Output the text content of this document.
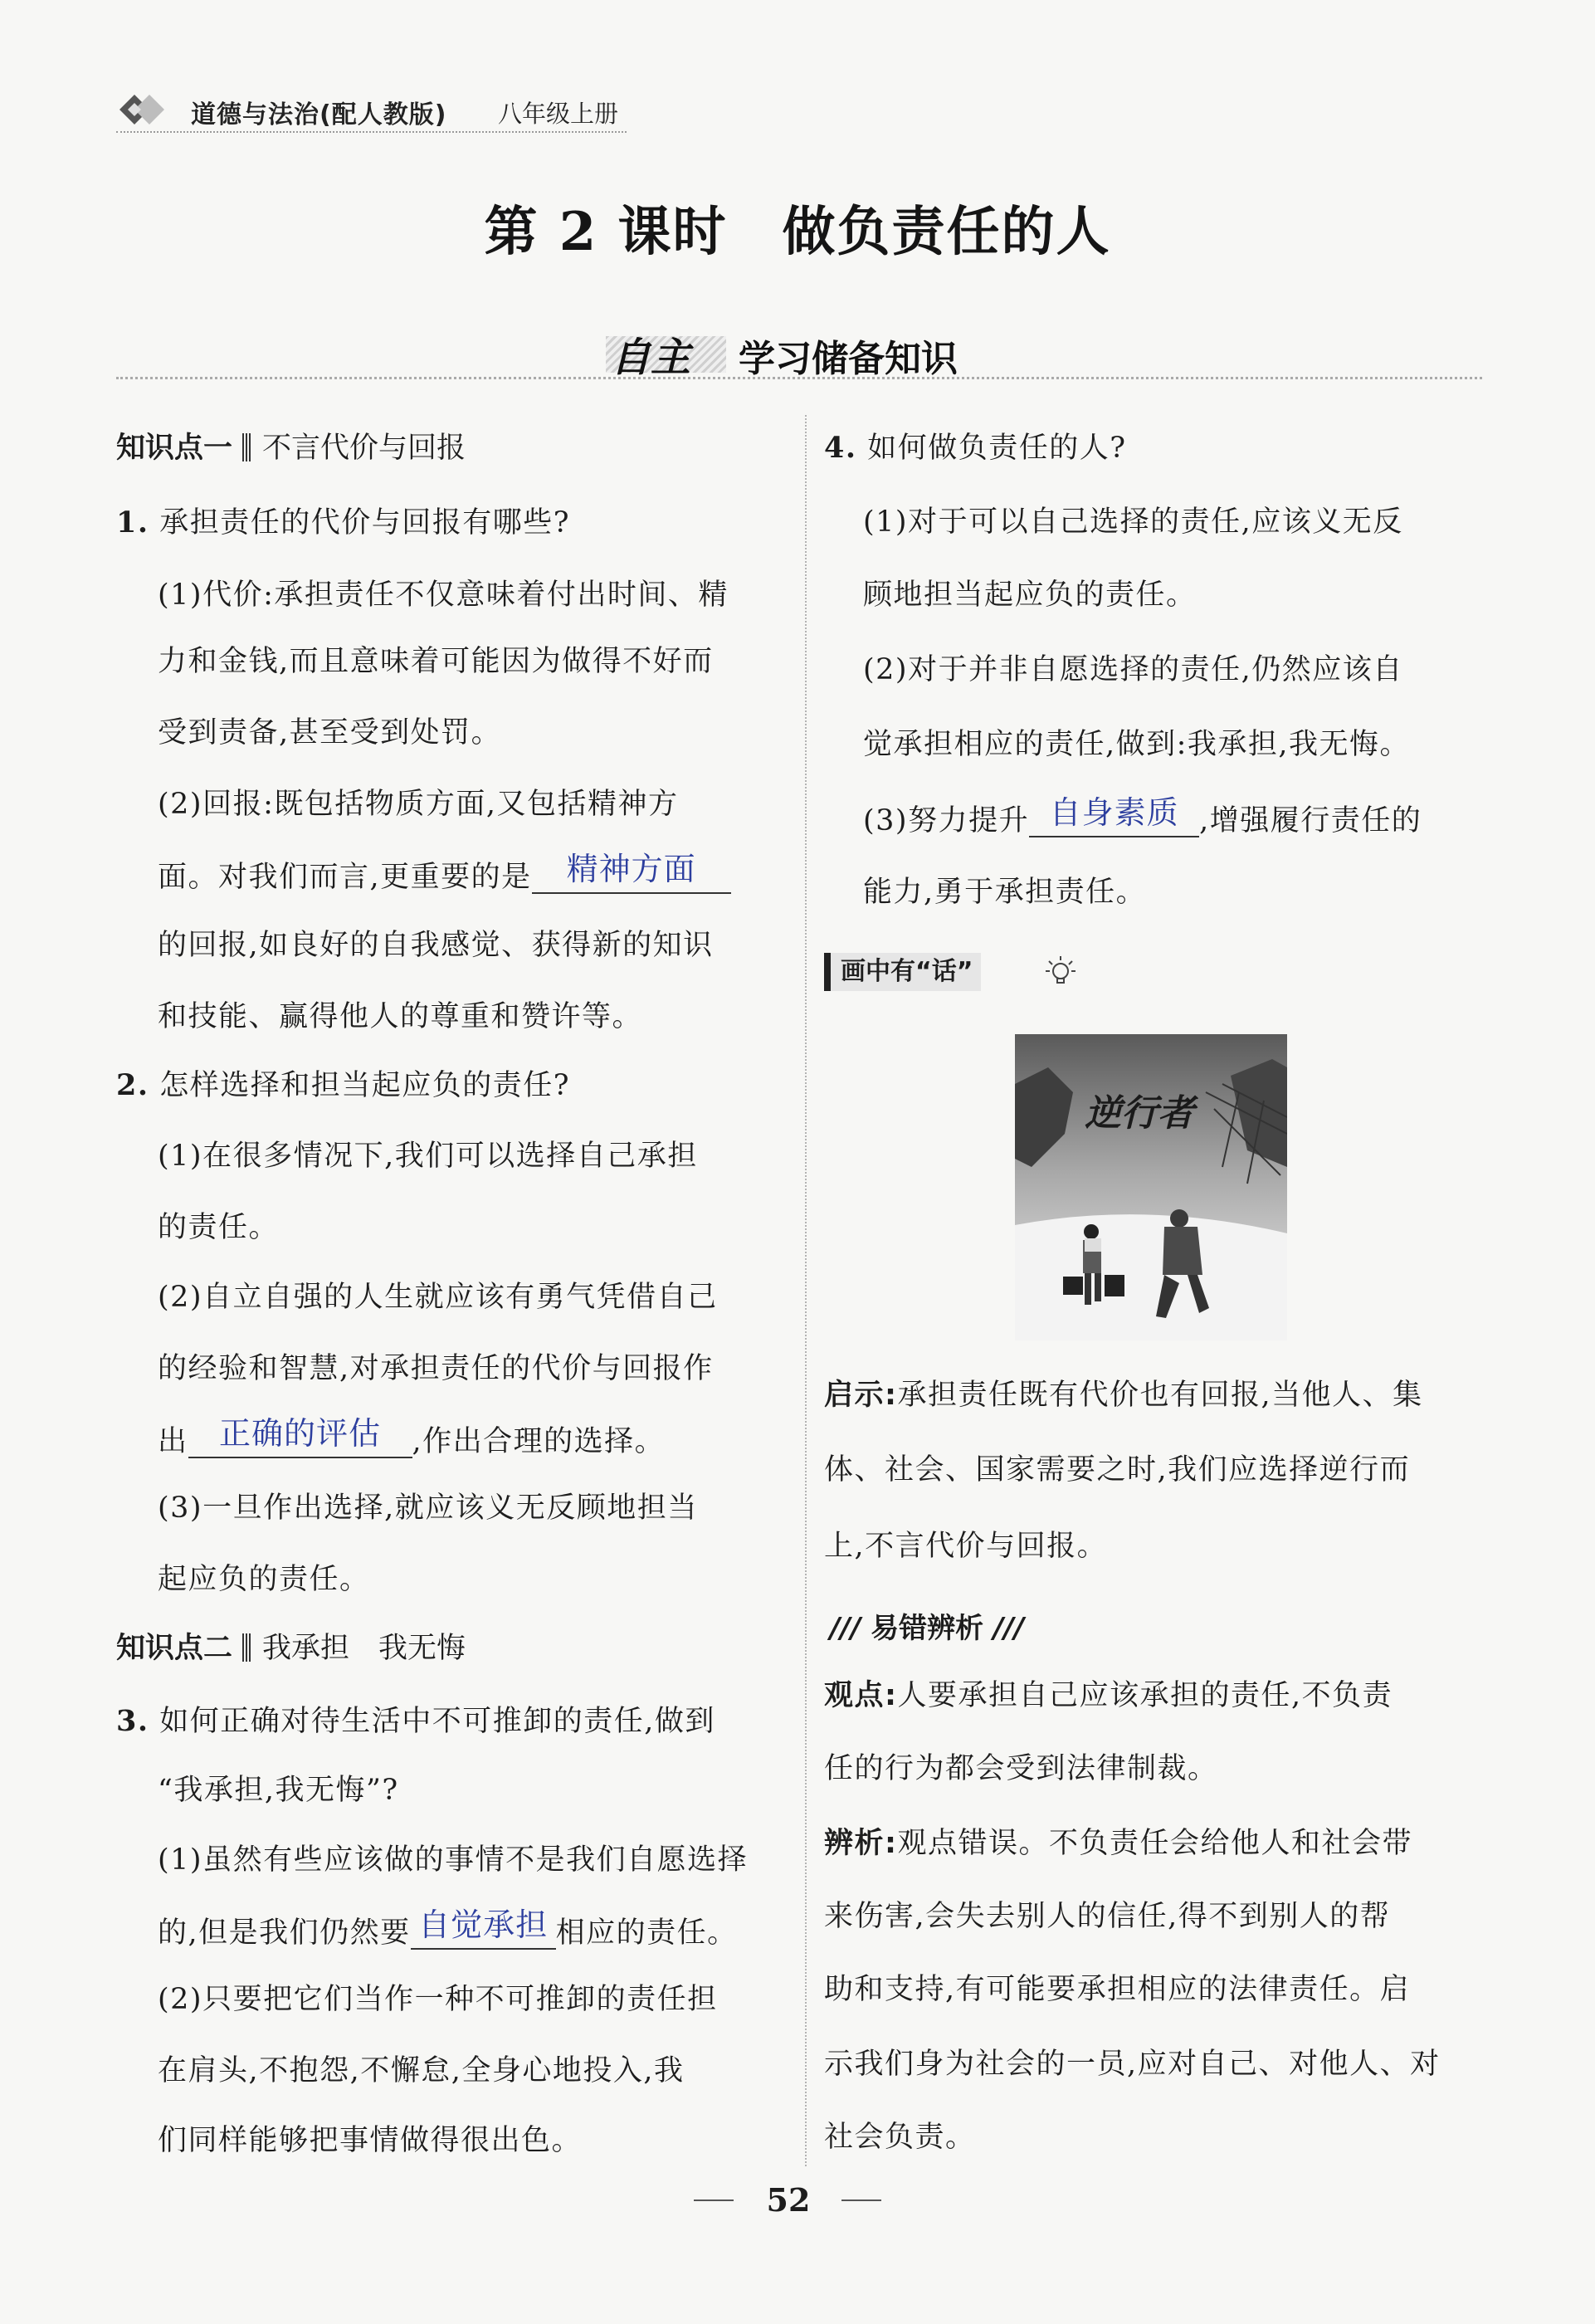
道德与法治(配人教版) 八年级上册
第 2 课时　做负责任的人
自主 学习储备知识
知识点一 不言代价与回报
1. 承担责任的代价与回报有哪些?
(1)代价:承担责任不仅意味着付出时间、精
力和金钱,而且意味着可能因为做得不好而
受到责备,甚至受到处罚。
(2)回报:既包括物质方面,又包括精神方
面。对我们而言,更重要的是 精神方面
的回报,如良好的自我感觉、获得新的知识
和技能、赢得他人的尊重和赞许等。
2. 怎样选择和担当起应负的责任?
(1)在很多情况下,我们可以选择自己承担
的责任。
(2)自立自强的人生就应该有勇气凭借自己
的经验和智慧,对承担责任的代价与回报作
出 正确的评估 ,作出合理的选择。
(3)一旦作出选择,就应该义无反顾地担当
起应负的责任。
知识点二 我承担　我无悔
3. 如何正确对待生活中不可推卸的责任,做到
“我承担,我无悔”?
(1)虽然有些应该做的事情不是我们自愿选择
的,但是我们仍然要 自觉承担 相应的责任。
(2)只要把它们当作一种不可推卸的责任担
在肩头,不抱怨,不懈怠,全身心地投入,我
们同样能够把事情做得很出色。
4. 如何做负责任的人?
(1)对于可以自己选择的责任,应该义无反
顾地担当起应负的责任。
(2)对于并非自愿选择的责任,仍然应该自
觉承担相应的责任,做到:我承担,我无悔。
(3)努力提升 自身素质 ,增强履行责任的
能力,勇于承担责任。
画中有“话”
逆行者
启示:承担责任既有代价也有回报,当他人、集
体、社会、国家需要之时,我们应选择逆行而
上,不言代价与回报。
/// 易错辨析 ///
观点:人要承担自己应该承担的责任,不负责
任的行为都会受到法律制裁。
辨析:观点错误。不负责任会给他人和社会带
来伤害,会失去别人的信任,得不到别人的帮
助和支持,有可能要承担相应的法律责任。启
示我们身为社会的一员,应对自己、对他人、对
社会负责。
52
